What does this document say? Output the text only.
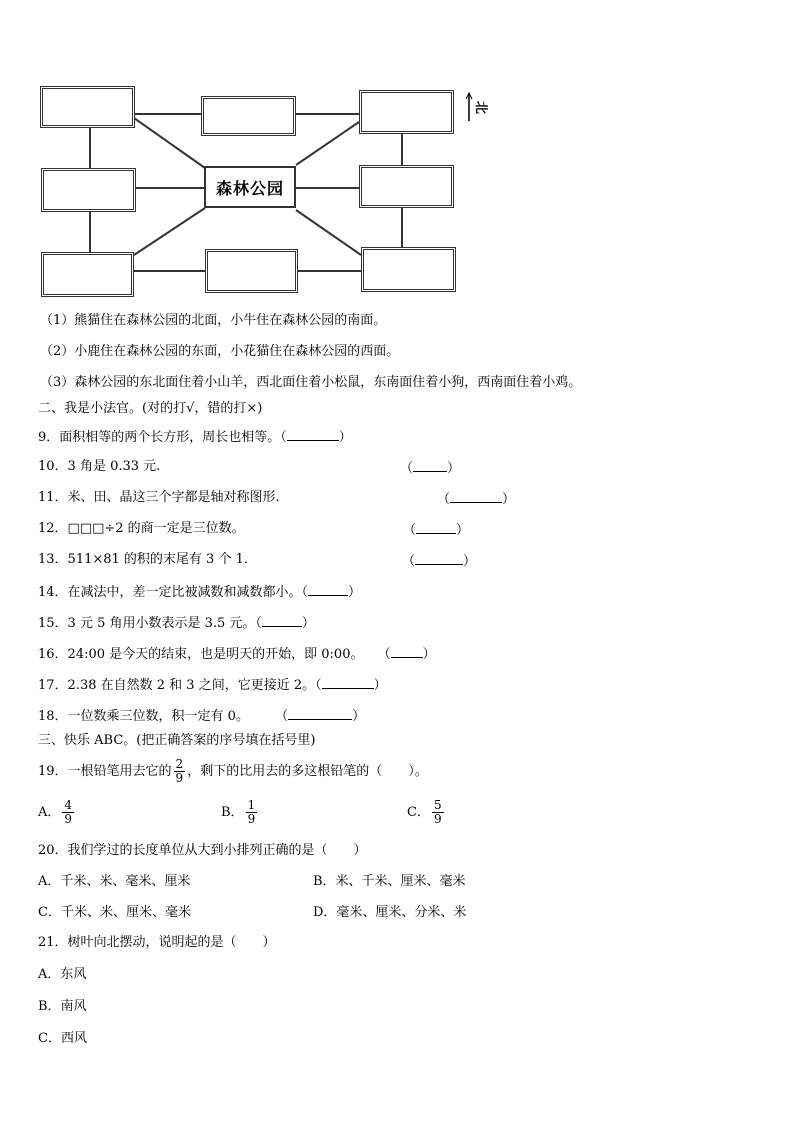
森林公园
北
（1）熊猫住在森林公园的北面，小牛住在森林公园的南面。
（2）小鹿住在森林公园的东面，小花猫住在森林公园的西面。
（3）森林公园的东北面住着小山羊，西北面住着小松鼠，东南面住着小狗，西南面住着小鸡。
二、我是小法官。(对的打√，错的打×)
9．面积相等的两个长方形，周长也相等。（	）
10．3 角是 0.33 元.	（	）
11．米、田、晶这三个字都是轴对称图形.	（	）
12．□□□÷2 的商一定是三位数。	（	）
13．511×81 的积的末尾有 3 个 1．	（	）
14．在减法中，差一定比被减数和减数都小。（	）
15．3 元 5 角用小数表示是 3.5 元。（	）
16．24:00 是今天的结束，也是明天的开始，即 0:00。 （ ）
17．2.38 在自然数 2 和 3 之间，它更接近 2。（	）
18．一位数乘三位数，积一定有 0。 （	）
三、快乐 ABC。(把正确答案的序号填在括号里)
19．一根铅笔用去它的 $\frac{2}{9}$ ，剩下的比用去的多这根铅笔的（　　）。
A． $\frac{4}{9}$	B． $\frac{1}{9}$	C． $\frac{5}{9}$
20．我们学过的长度单位从大到小排列正确的是（　　）
A．千米、米、毫米、厘米	B．米、千米、厘米、毫米
C．千米、米、厘米、毫米	D．毫米、厘米、分米、米
21．树叶向北摆动，说明起的是（　　）
A．东风
B．南风
C．西风
